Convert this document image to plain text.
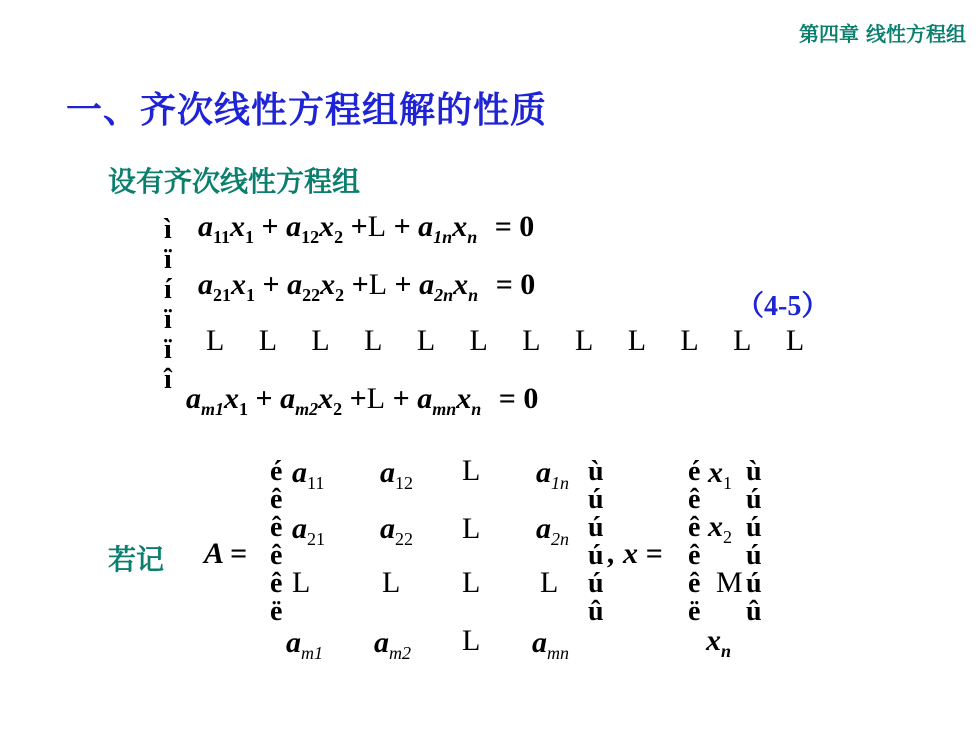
第四章 线性方程组
一、齐次线性方程组解的性质
设有齐次线性方程组
ì
ï
í
ï
ï
î
$a_{11}x_1 + a_{12}x_2 +L + a_{1n}x_n = 0$
$a_{21}x_1 + a_{22}x_2 +L + a_{2n}x_n = 0$
L L L L L L L L L L L L
$a_{m1}x_1 + a_{m2}x_2 +L + a_{mn}x_n = 0$
（4-5）
若记 A =
é
ê
ê
ê
ê
ë
ù
ú
ú
ú
ú
û
$a_{11}$ $a_{12}$ L $a_{1n}$
$a_{21}$ $a_{22}$ L $a_{2n}$
L L L L
$a_{m1}$ $a_{m2}$ L $a_{mn}$
, x =
é
ê
ê
ê
ê
ë
ù
ú
ú
ú
ú
û
$x_1$
$x_2$
M
$x_n$
